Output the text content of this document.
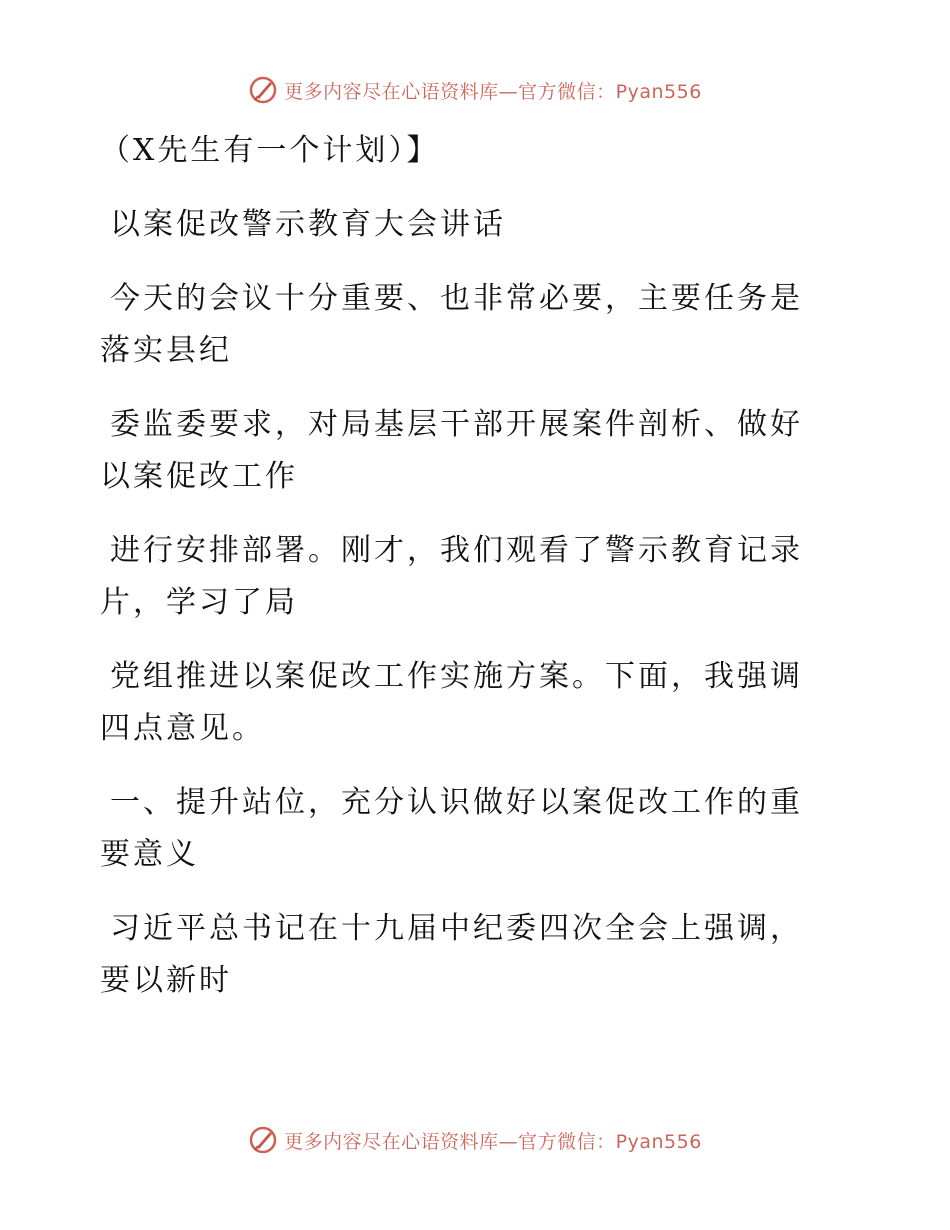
更多内容尽在心语资料库—官方微信：Pyan556

（X先生有一个计划）】

以案促改警示教育大会讲话

今天的会议十分重要、也非常必要，主要任务是

落实县纪

委监委要求，对局基层干部开展案件剖析、做好

以案促改工作

进行安排部署。刚才，我们观看了警示教育记录

片，学习了局

党组推进以案促改工作实施方案。下面，我强调

四点意见。

一、提升站位，充分认识做好以案促改工作的重

要意义

习近平总书记在十九届中纪委四次全会上强调，

要以新时

更多内容尽在心语资料库—官方微信：Pyan556
